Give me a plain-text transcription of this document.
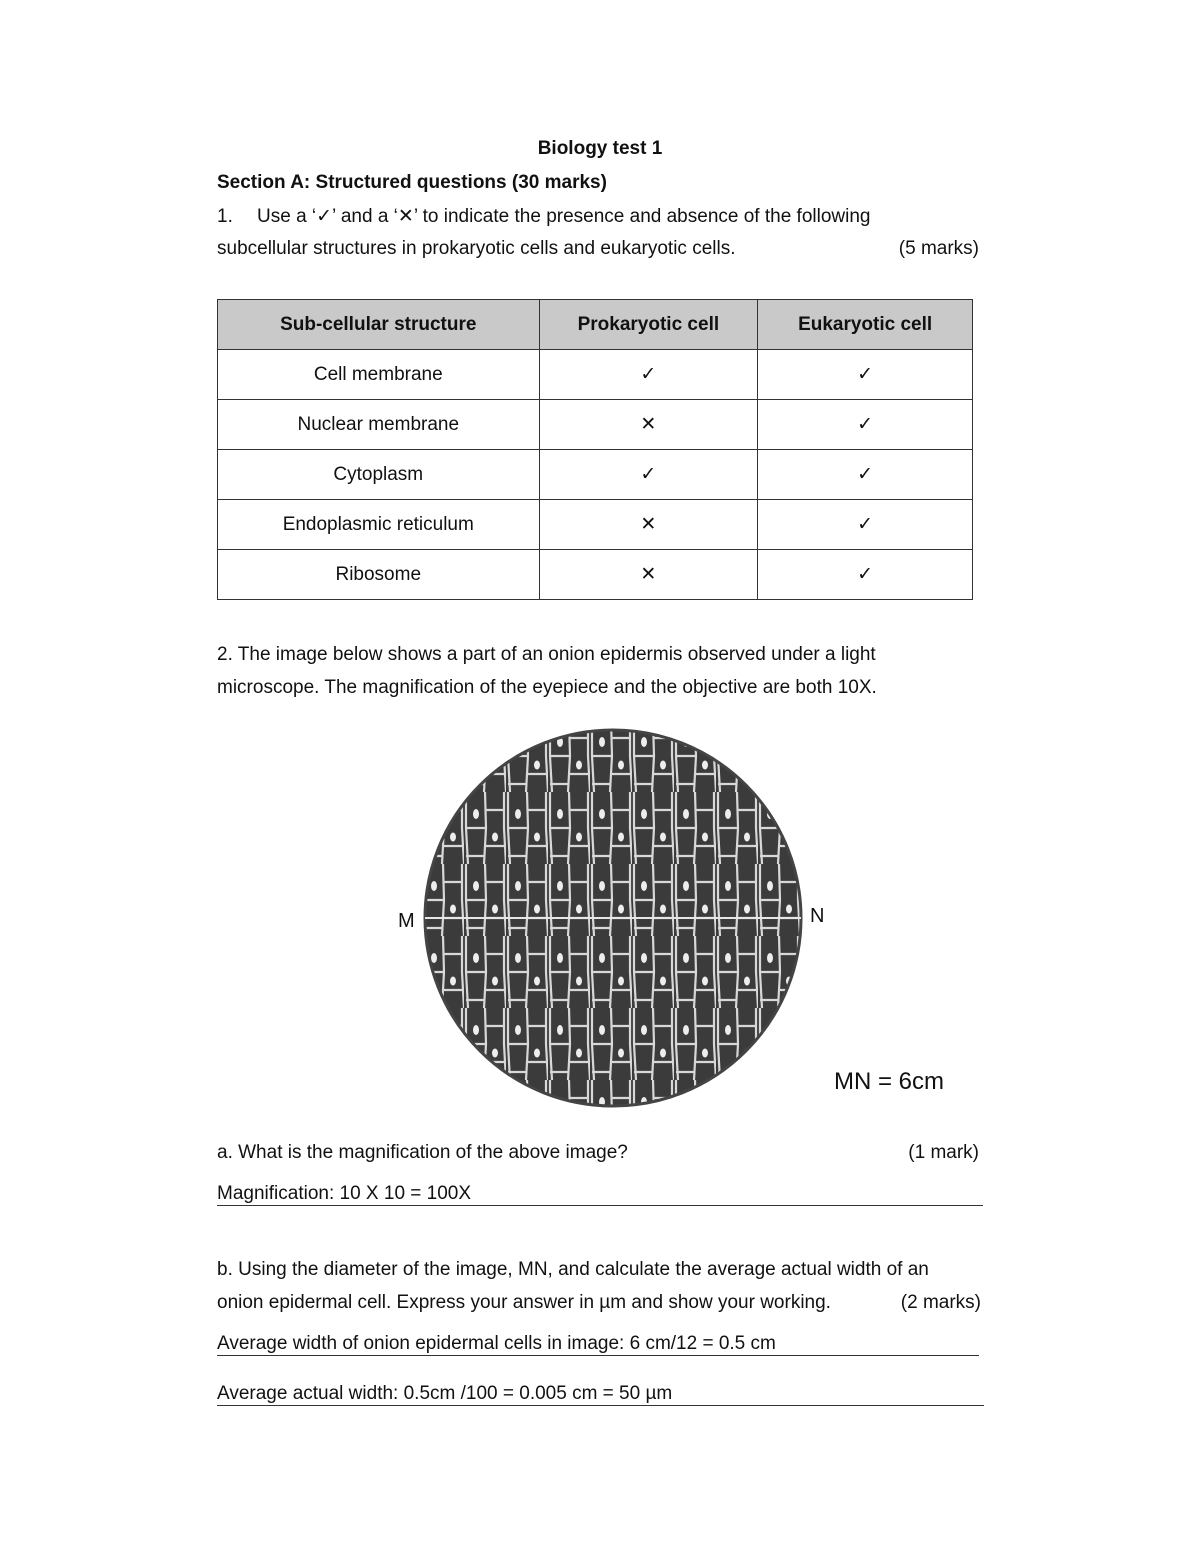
Biology test 1
Section A: Structured questions (30 marks)
1. Use a ‘✓’ and a ‘✕’ to indicate the presence and absence of the following
subcellular structures in prokaryotic cells and eukaryotic cells.	(5 marks)
Sub-cellular structure	Prokaryotic cell	Eukaryotic cell
Cell membrane	✓	✓
Nuclear membrane	✕	✓
Cytoplasm	✓	✓
Endoplasmic reticulum	✕	✓
Ribosome	✕	✓
2. The image below shows a part of an onion epidermis observed under a light
microscope. The magnification of the eyepiece and the objective are both 10X.
M	N
MN = 6cm
a. What is the magnification of the above image?	(1 mark)
Magnification: 10 X 10 = 100X
b. Using the diameter of the image, MN, and calculate the average actual width of an
onion epidermal cell. Express your answer in µm and show your working.	(2 marks)
Average width of onion epidermal cells in image: 6 cm/12 = 0.5 cm
Average actual width: 0.5cm /100 = 0.005 cm = 50 µm
